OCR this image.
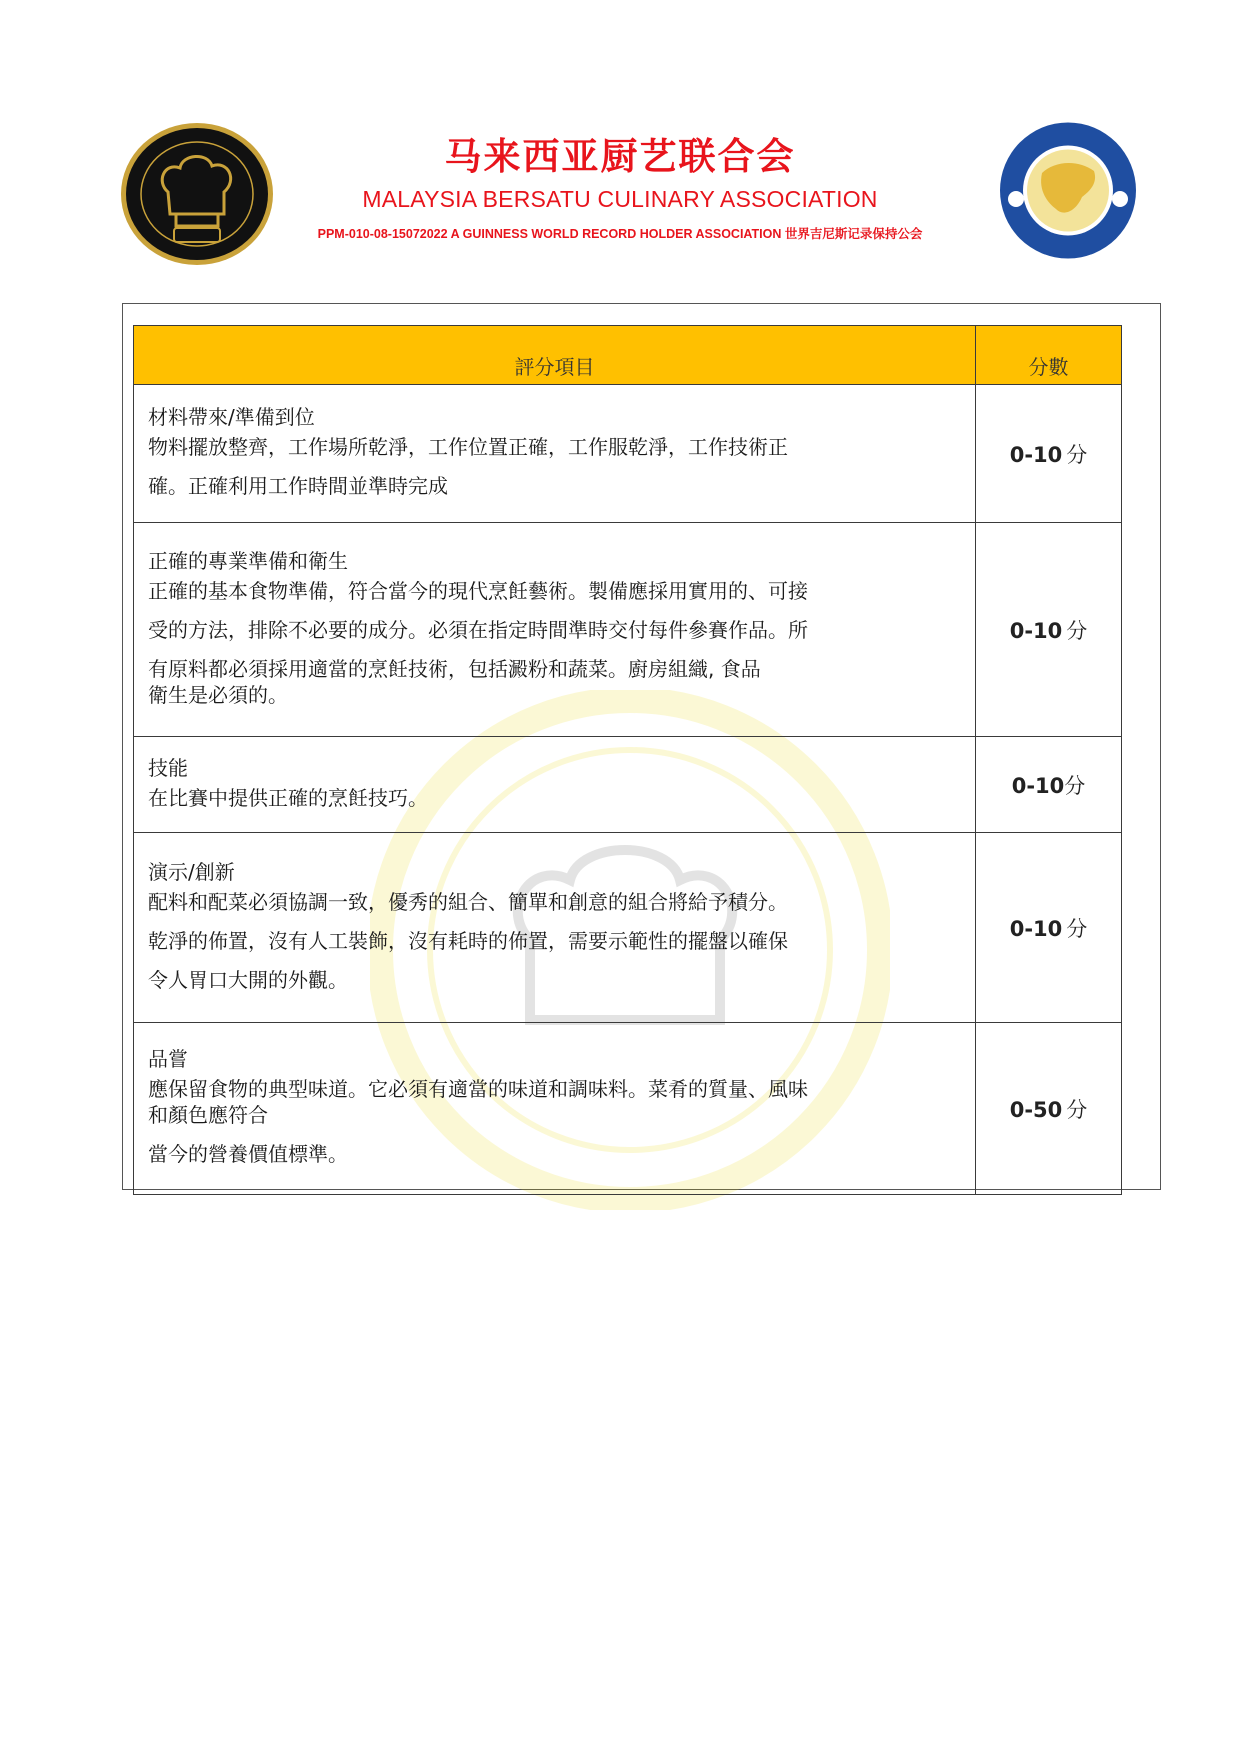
马来西亚厨艺联合会
MALAYSIA BERSATU CULINARY ASSOCIATION
PPM-010-08-15072022 A GUINNESS WORLD RECORD HOLDER ASSOCIATION 世界吉尼斯记录保持公会
評分項目	分數

材料帶來/準備到位
物料擺放整齊，工作場所乾淨，工作位置正確，工作服乾淨，工作技術正
確。正確利用工作時間並準時完成	0-10 分

正確的專業準備和衛生
正確的基本食物準備，符合當今的現代烹飪藝術。製備應採用實用的、可接
受的方法，排除不必要的成分。必須在指定時間準時交付每件參賽作品。所
有原料都必須採用適當的烹飪技術，包括澱粉和蔬菜。廚房組織, 食品
衛生是必須的。	0-10 分

技能
在比賽中提供正確的烹飪技巧。	0-10分

演示/創新
配料和配菜必須協調一致，優秀的組合、簡單和創意的組合將給予積分。
乾淨的佈置，沒有人工裝飾，沒有耗時的佈置，需要示範性的擺盤以確保
令人胃口大開的外觀。	0-10 分

品嘗
應保留食物的典型味道。它必須有適當的味道和調味料。菜肴的質量、風味
和顏色應符合
當今的營養價值標準。	0-50 分
